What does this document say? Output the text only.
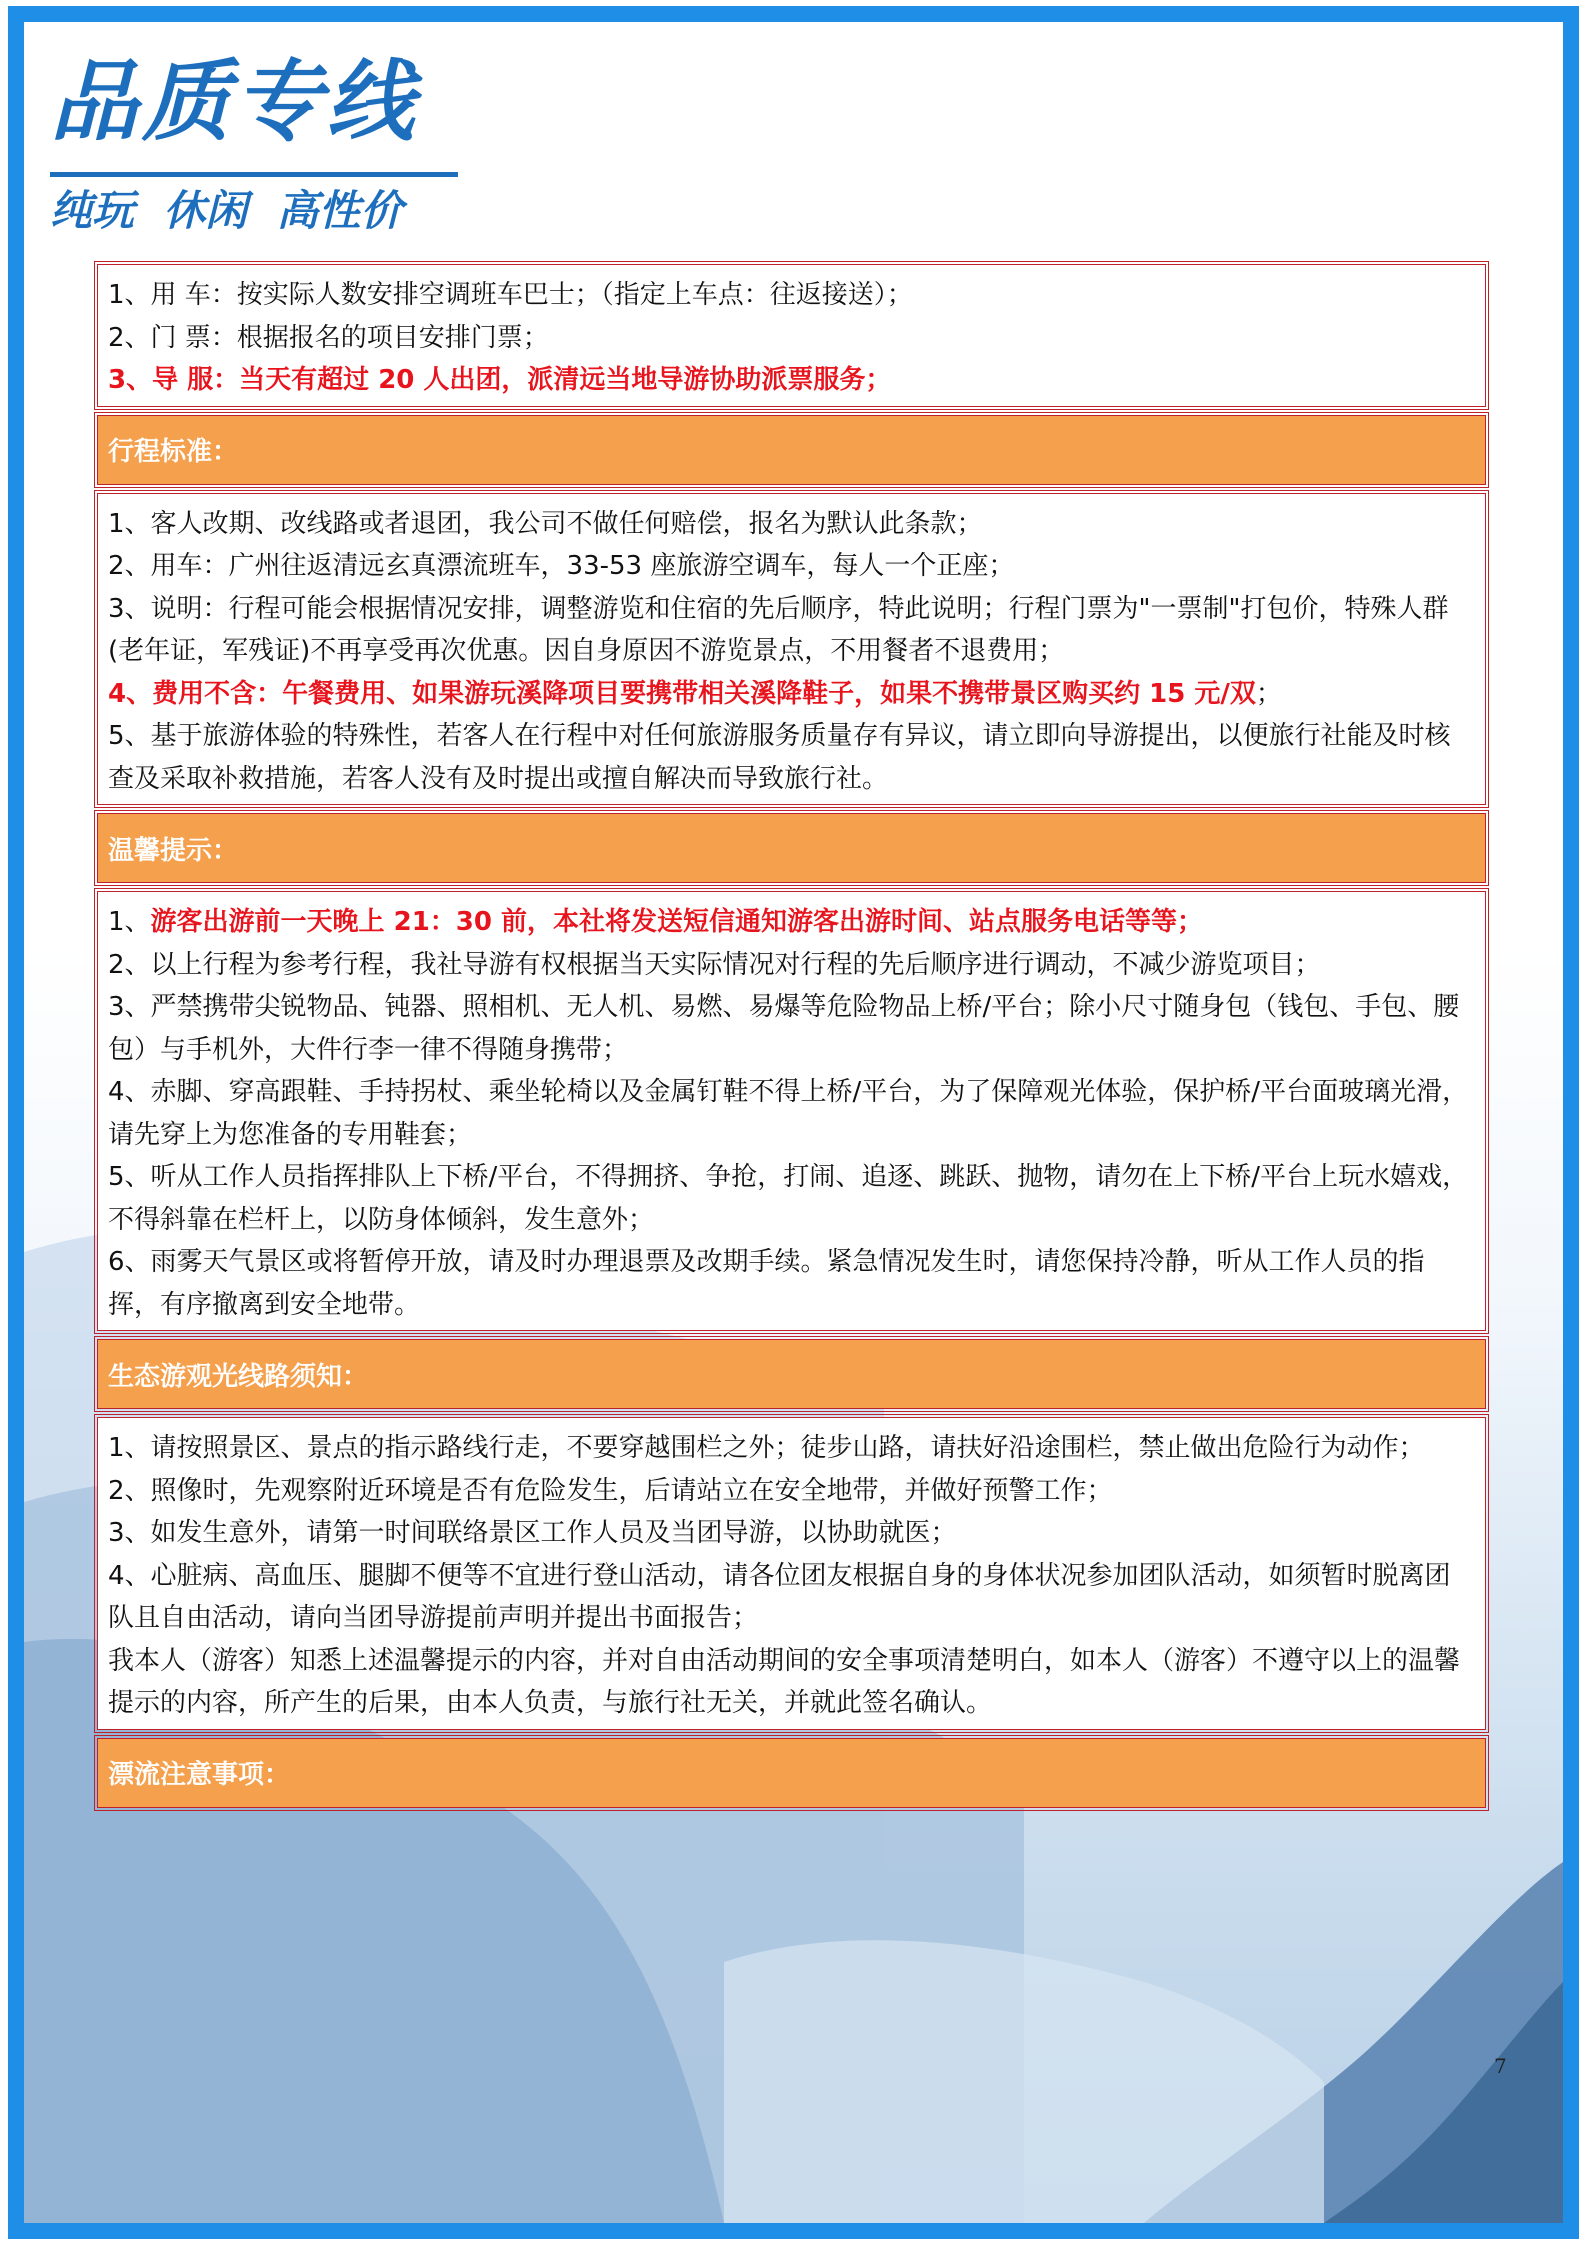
品质专线

纯玩  休闲  高性价

1、用 车：按实际人数安排空调班车巴士；（指定上车点：往返接送）；

2、门 票：根据报名的项目安排门票；

3、导 服：当天有超过 20 人出团，派清远当地导游协助派票服务；

行程标准：

1、客人改期、改线路或者退团，我公司不做任何赔偿，报名为默认此条款；

2、用车：广州往返清远玄真漂流班车，33-53 座旅游空调车，每人一个正座；

3、说明：行程可能会根据情况安排，调整游览和住宿的先后顺序，特此说明；行程门票为"一票制"打包价，特殊人群(老年证，军残证)不再享受再次优惠。因自身原因不游览景点，不用餐者不退费用；

4、费用不含：午餐费用、如果游玩溪降项目要携带相关溪降鞋子，如果不携带景区购买约 15 元/双；

5、基于旅游体验的特殊性，若客人在行程中对任何旅游服务质量存有异议，请立即向导游提出，以便旅行社能及时核查及采取补救措施，若客人没有及时提出或擅自解决而导致旅行社。

温馨提示：

1、游客出游前一天晚上 21：30 前，本社将发送短信通知游客出游时间、站点服务电话等等；

2、以上行程为参考行程，我社导游有权根据当天实际情况对行程的先后顺序进行调动，不减少游览项目；

3、严禁携带尖锐物品、钝器、照相机、无人机、易燃、易爆等危险物品上桥/平台；除小尺寸随身包（钱包、手包、腰包）与手机外，大件行李一律不得随身携带；

4、赤脚、穿高跟鞋、手持拐杖、乘坐轮椅以及金属钉鞋不得上桥/平台，为了保障观光体验，保护桥/平台面玻璃光滑，请先穿上为您准备的专用鞋套；

5、听从工作人员指挥排队上下桥/平台，不得拥挤、争抢，打闹、追逐、跳跃、抛物，请勿在上下桥/平台上玩水嬉戏，不得斜靠在栏杆上，以防身体倾斜，发生意外；

6、雨雾天气景区或将暂停开放，请及时办理退票及改期手续。紧急情况发生时，请您保持冷静，听从工作人员的指挥，有序撤离到安全地带。

生态游观光线路须知：

1、请按照景区、景点的指示路线行走，不要穿越围栏之外；徒步山路，请扶好沿途围栏，禁止做出危险行为动作；

2、照像时，先观察附近环境是否有危险发生，后请站立在安全地带，并做好预警工作；

3、如发生意外，请第一时间联络景区工作人员及当团导游，以协助就医；

4、心脏病、高血压、腿脚不便等不宜进行登山活动，请各位团友根据自身的身体状况参加团队活动，如须暂时脱离团队且自由活动，请向当团导游提前声明并提出书面报告；

我本人（游客）知悉上述温馨提示的内容，并对自由活动期间的安全事项清楚明白，如本人（游客）不遵守以上的温馨提示的内容，所产生的后果，由本人负责，与旅行社无关，并就此签名确认。

漂流注意事项：

7
